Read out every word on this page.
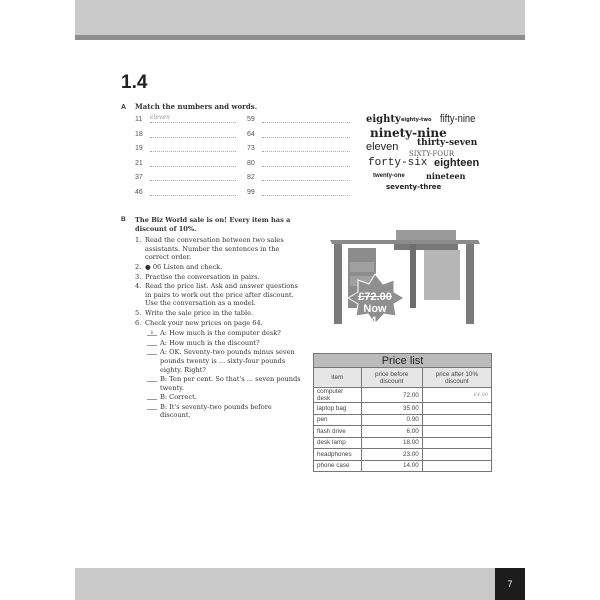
1.4
A Match the numbers and words.
11	eleven	59
18	64
19	73
21	80
37	82
46	99
eighty eighty-two fifty-nine
ninety-nine
thirty-seven
eleven
SIXTY-FOUR
forty-six eighteen
twenty-one	nineteen
seventy-three
B	The Biz World sale is on! Every item has a discount of 10%.
1. Read the conversation between two sales assistants. Number the sentences in the correct order.
2. ● 06 Listen and check.
3. Practise the conversation in pairs.
4. Read the price list. Ask and answer questions in pairs to work out the price after discount. Use the conversation as a model.
5. Write the sale price in the table.
6. Check your new prices on page 64.
1 A: How much is the computer desk?
A: How much is the discount?
A: OK. Seventy-two pounds minus seven pounds twenty is ... sixty-four pounds eighty. Right?
B: Ten per cent. So that's ... seven pounds twenty.
B: Correct.
B: It's seventy-two pounds before discount.
£72.00
Now
£64.80
Price list		
item	price before discount	price after 10% discount
computer desk	72.00	64.80
laptop bag	35.00	
pen	0.90	
flash drive	6.00	
desk lamp	18.00	
headphones	23.00	
phone case	14.00	
7
